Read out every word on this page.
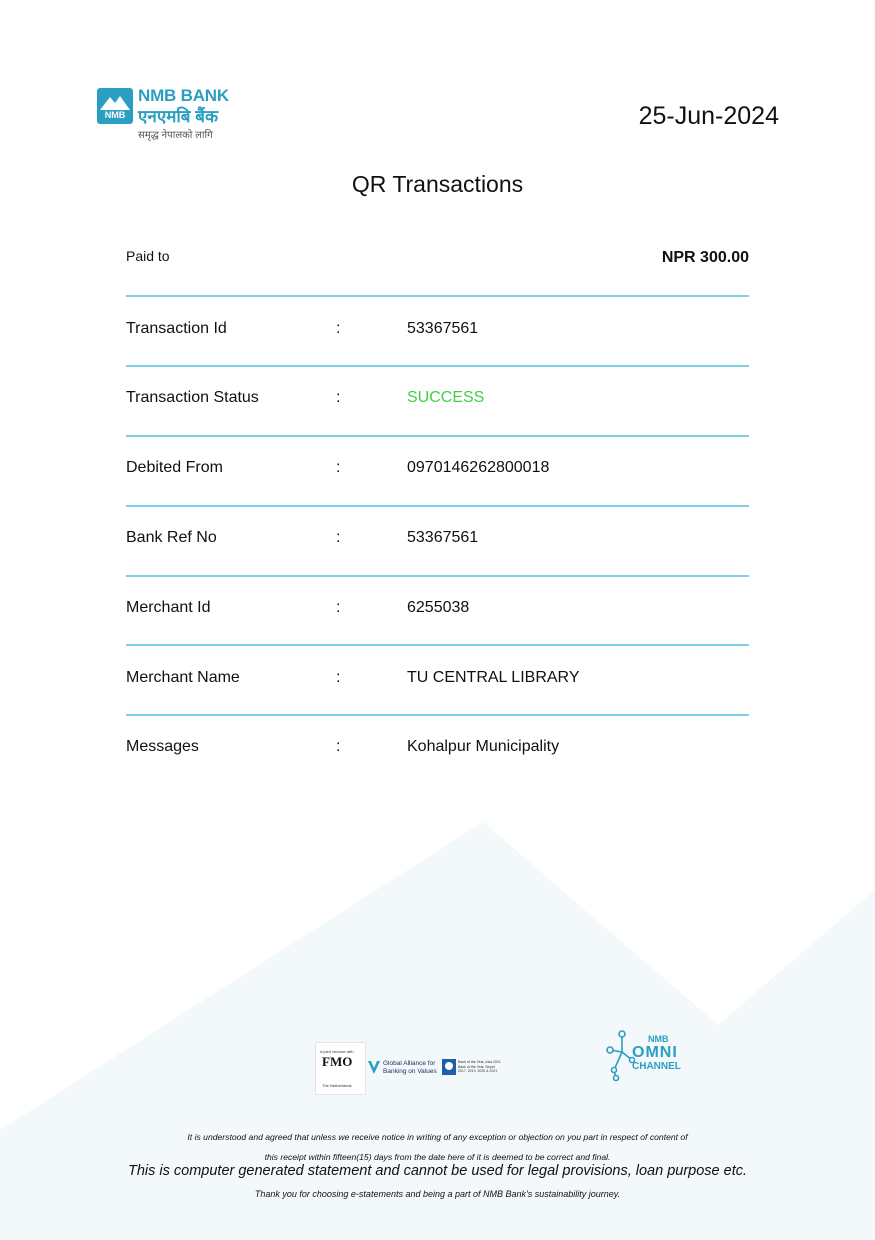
NMB
NMB BANK
एनएमबि बैंक
समृद्ध नेपालको लागि
25-Jun-2024
QR Transactions
Paid to	NPR 300.00
Transaction Id	:	53367561
Transaction Status	:	SUCCESS
Debited From	:	0970146262800018
Bank Ref No	:	53367561
Merchant Id	:	6255038
Merchant Name	:	TU CENTRAL LIBRARY
Messages	:	Kohalpur Municipality
A joint venture with
FMO
The Netherlands
Global Alliance for
Banking on Values
Bank of the Year, Asia 2021
Bank of the Year, Nepal
2017, 2019, 2020 & 2021
NMB
OMNI
CHANNEL
It is understood and agreed that unless we receive notice in writing of any exception or objection on you part in respect of content of
this receipt within fifteen(15) days from the date here of it is deemed to be correct and final.
This is computer generated statement and cannot be used for legal provisions, loan purpose etc.
Thank you for choosing e-statements and being a part of NMB Bank's sustainability journey.
